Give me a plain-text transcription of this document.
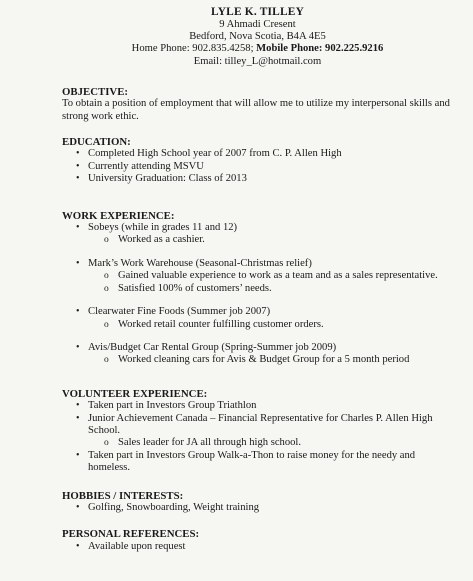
LYLE K. TILLEY
9 Ahmadi Cresent
Bedford, Nova Scotia, B4A 4E5
Home Phone: 902.835.4258; Mobile Phone: 902.225.9216
Email: tilley_L@hotmail.com
OBJECTIVE:

To obtain a position of employment that will allow me to utilize my interpersonal skills and strong work ethic.

EDUCATION:
• Completed High School year of 2007 from C. P. Allen High
• Currently attending MSVU
• University Graduation: Class of 2013
WORK EXPERIENCE:
• Sobeys (while in grades 11 and 12)
o Worked as a cashier.
• Mark’s Work Warehouse (Seasonal-Christmas relief)
o Gained valuable experience to work as a team and as a sales representative.
o Satisfied 100% of customers’ needs.
• Clearwater Fine Foods (Summer job 2007)
o Worked retail counter fulfilling customer orders.
• Avis/Budget Car Rental Group (Spring-Summer job 2009)
o Worked cleaning cars for Avis & Budget Group for a 5 month period
VOLUNTEER EXPERIENCE:
• Taken part in Investors Group Triathlon
• Junior Achievement Canada – Financial Representative for Charles P. Allen High School.
o Sales leader for JA all through high school.
• Taken part in Investors Group Walk-a-Thon to raise money for the needy and homeless.
HOBBIES / INTERESTS:
• Golfing, Snowboarding, Weight training
PERSONAL REFERENCES:
• Available upon request
